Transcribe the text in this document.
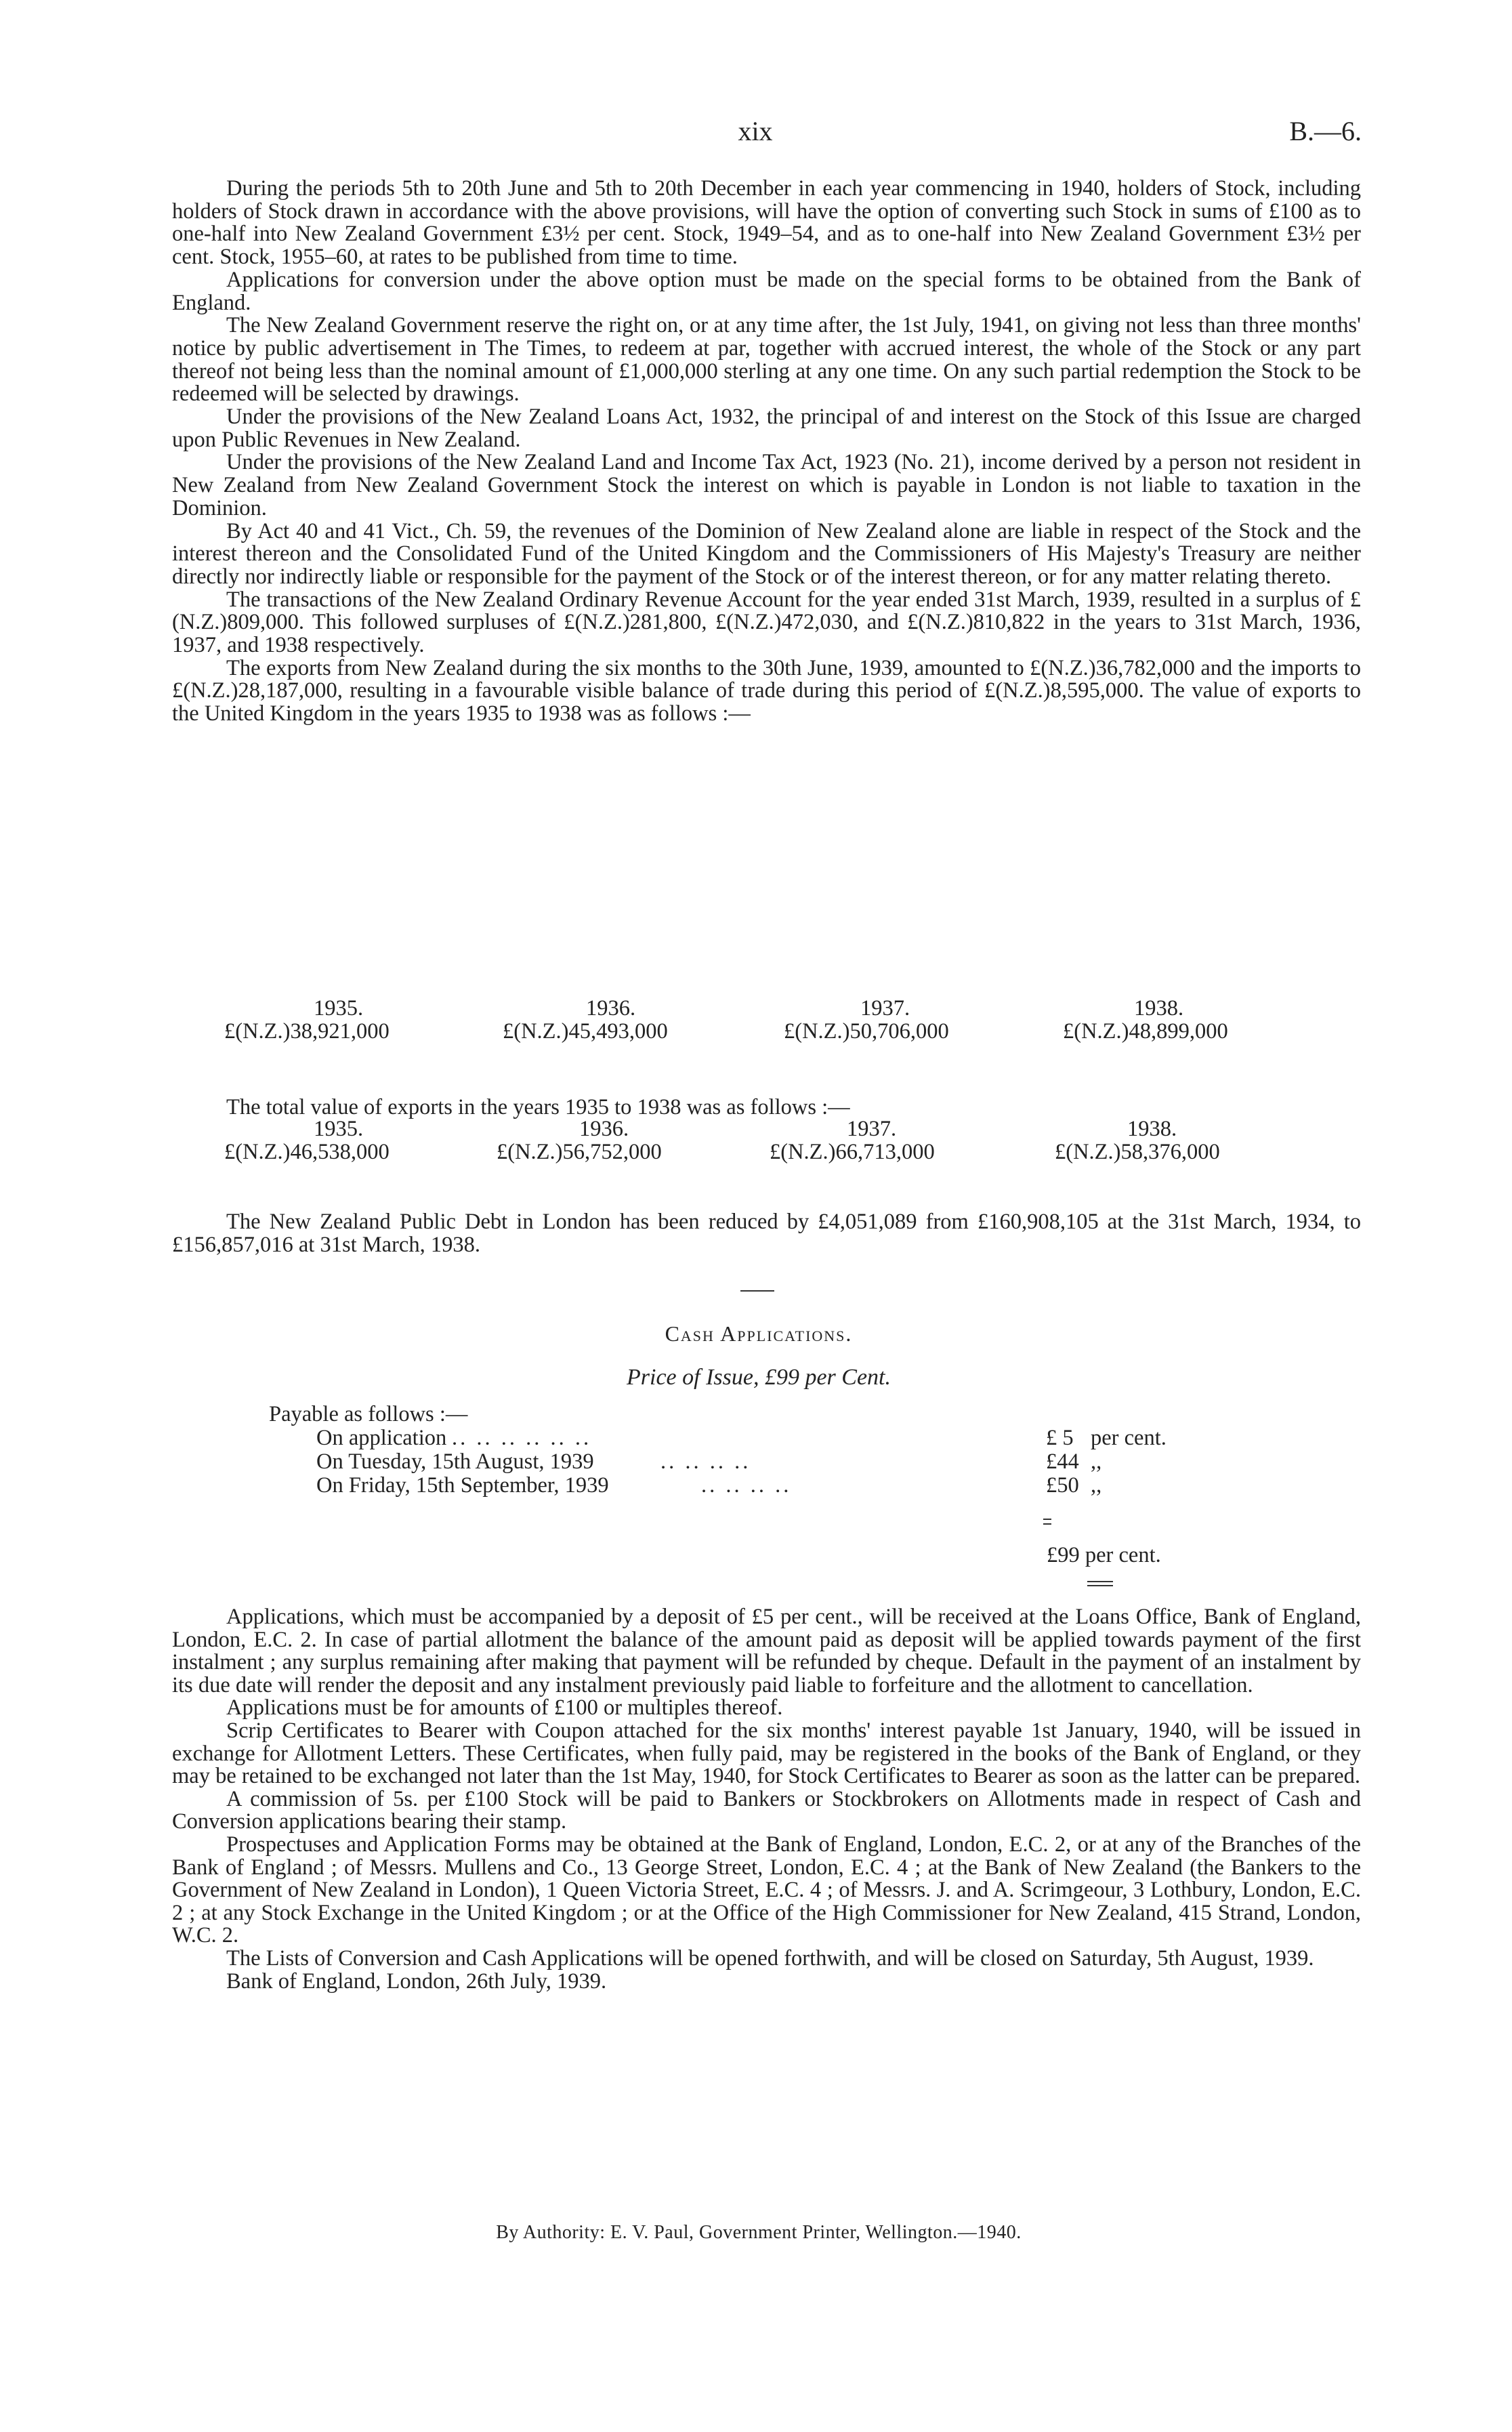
xix	B.—6.

During the periods 5th to 20th June and 5th to 20th December in each year commencing in 1940, holders of Stock, including holders of Stock drawn in accordance with the above provisions, will have the option of converting such Stock in sums of £100 as to one-half into New Zealand Government £3½ per cent. Stock, 1949–54, and as to one-half into New Zealand Government £3½ per cent. Stock, 1955–60, at rates to be published from time to time.

Applications for conversion under the above option must be made on the special forms to be obtained from the Bank of England.

The New Zealand Government reserve the right on, or at any time after, the 1st July, 1941, on giving not less than three months' notice by public advertisement in The Times, to redeem at par, together with accrued interest, the whole of the Stock or any part thereof not being less than the nominal amount of £1,000,000 sterling at any one time. On any such partial redemption the Stock to be redeemed will be selected by drawings.

Under the provisions of the New Zealand Loans Act, 1932, the principal of and interest on the Stock of this Issue are charged upon Public Revenues in New Zealand.

Under the provisions of the New Zealand Land and Income Tax Act, 1923 (No. 21), income derived by a person not resident in New Zealand from New Zealand Government Stock the interest on which is payable in London is not liable to taxation in the Dominion.

By Act 40 and 41 Vict., Ch. 59, the revenues of the Dominion of New Zealand alone are liable in respect of the Stock and the interest thereon and the Consolidated Fund of the United Kingdom and the Commissioners of His Majesty's Treasury are neither directly nor indirectly liable or responsible for the payment of the Stock or of the interest thereon, or for any matter relating thereto.

The transactions of the New Zealand Ordinary Revenue Account for the year ended 31st March, 1939, resulted in a surplus of £(N.Z.)809,000. This followed surpluses of £(N.Z.)281,800, £(N.Z.)472,030, and £(N.Z.)810,822 in the years to 31st March, 1936, 1937, and 1938 respectively.

The exports from New Zealand during the six months to the 30th June, 1939, amounted to £(N.Z.)36,782,000 and the imports to £(N.Z.)28,187,000, resulting in a favourable visible balance of trade during this period of £(N.Z.)8,595,000. The value of exports to the United Kingdom in the years 1935 to 1938 was as follows :—

1935.	1936.	1937.	1938.
£(N.Z.)38,921,000	£(N.Z.)45,493,000	£(N.Z.)50,706,000	£(N.Z.)48,899,000
The total value of exports in the years 1935 to 1938 was as follows :—
1935.	1936.	1937.	1938.
£(N.Z.)46,538,000	£(N.Z.)56,752,000	£(N.Z.)66,713,000	£(N.Z.)58,376,000

The New Zealand Public Debt in London has been reduced by £4,051,089 from £160,908,105 at the 31st March, 1934, to £156,857,016 at 31st March, 1938.

Cash Applications.
Price of Issue, £99 per Cent.
Payable as follows :—
On application .. .. .. .. .. ..	£ 5 per cent.
On Tuesday, 15th August, 1939	.. .. .. ..	£44 ,,
On Friday, 15th September, 1939	.. .. .. ..	£50 ,,
£99 per cent.

Applications, which must be accompanied by a deposit of £5 per cent., will be received at the Loans Office, Bank of England, London, E.C. 2. In case of partial allotment the balance of the amount paid as deposit will be applied towards payment of the first instalment ; any surplus remaining after making that payment will be refunded by cheque. Default in the payment of an instalment by its due date will render the deposit and any instalment previously paid liable to forfeiture and the allotment to cancellation.

Applications must be for amounts of £100 or multiples thereof.

Scrip Certificates to Bearer with Coupon attached for the six months' interest payable 1st January, 1940, will be issued in exchange for Allotment Letters. These Certificates, when fully paid, may be registered in the books of the Bank of England, or they may be retained to be exchanged not later than the 1st May, 1940, for Stock Certificates to Bearer as soon as the latter can be prepared.

A commission of 5s. per £100 Stock will be paid to Bankers or Stockbrokers on Allotments made in respect of Cash and Conversion applications bearing their stamp.

Prospectuses and Application Forms may be obtained at the Bank of England, London, E.C. 2, or at any of the Branches of the Bank of England ; of Messrs. Mullens and Co., 13 George Street, London, E.C. 4 ; at the Bank of New Zealand (the Bankers to the Government of New Zealand in London), 1 Queen Victoria Street, E.C. 4 ; of Messrs. J. and A. Scrimgeour, 3 Lothbury, London, E.C. 2 ; at any Stock Exchange in the United Kingdom ; or at the Office of the High Commissioner for New Zealand, 415 Strand, London, W.C. 2.

The Lists of Conversion and Cash Applications will be opened forthwith, and will be closed on Saturday, 5th August, 1939.

Bank of England, London, 26th July, 1939.

By Authority: E. V. Paul, Government Printer, Wellington.—1940.
